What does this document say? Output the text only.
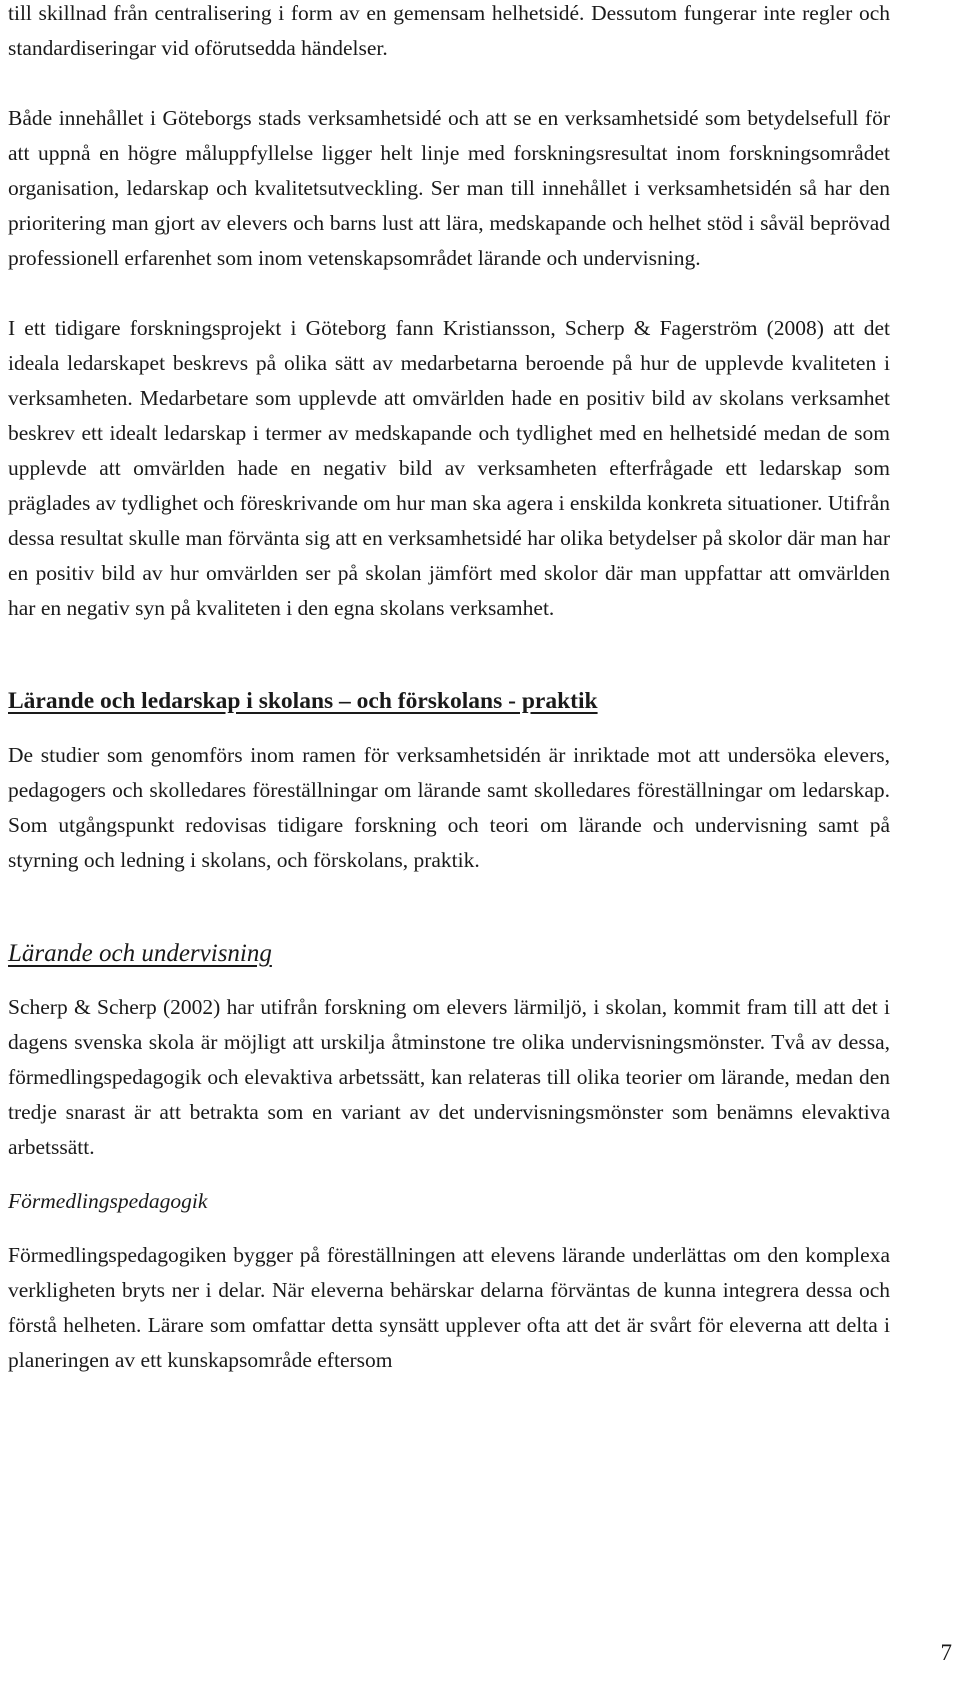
till skillnad från centralisering i form av en gemensam helhetsidé. Dessutom fungerar inte regler och standardiseringar vid oförutsedda händelser.

Både innehållet i Göteborgs stads verksamhetsidé och att se en verksamhetsidé som betydelsefull för att uppnå en högre måluppfyllelse ligger helt linje med forskningsresultat inom forskningsområdet organisation, ledarskap och kvalitetsutveckling. Ser man till innehållet i verksamhetsidén så har den prioritering man gjort av elevers och barns lust att lära, medskapande och helhet stöd i såväl beprövad professionell erfarenhet som inom vetenskapsområdet lärande och undervisning.

I ett tidigare forskningsprojekt i Göteborg fann Kristiansson, Scherp & Fagerström (2008) att det ideala ledarskapet beskrevs på olika sätt av medarbetarna beroende på hur de upplevde kvaliteten i verksamheten. Medarbetare som upplevde att omvärlden hade en positiv bild av skolans verksamhet beskrev ett idealt ledarskap i termer av medskapande och tydlighet med en helhetsidé medan de som upplevde att omvärlden hade en negativ bild av verksamheten efterfrågade ett ledarskap som präglades av tydlighet och föreskrivande om hur man ska agera i enskilda konkreta situationer. Utifrån dessa resultat skulle man förvänta sig att en verksamhetsidé har olika betydelser på skolor där man har en positiv bild av hur omvärlden ser på skolan jämfört med skolor där man uppfattar att omvärlden har en negativ syn på kvaliteten i den egna skolans verksamhet.

Lärande och ledarskap i skolans – och förskolans - praktik

De studier som genomförs inom ramen för verksamhetsidén är inriktade mot att undersöka elevers, pedagogers och skolledares föreställningar om lärande samt skolledares föreställningar om ledarskap. Som utgångspunkt redovisas tidigare forskning och teori om lärande och undervisning samt på styrning och ledning i skolans, och förskolans, praktik.

Lärande och undervisning

Scherp & Scherp (2002) har utifrån forskning om elevers lärmiljö, i skolan, kommit fram till att det i dagens svenska skola är möjligt att urskilja åtminstone tre olika undervisningsmönster. Två av dessa, förmedlingspedagogik och elevaktiva arbetssätt, kan relateras till olika teorier om lärande, medan den tredje snarast är att betrakta som en variant av det undervisningsmönster som benämns elevaktiva arbetssätt.

Förmedlingspedagogik

Förmedlingspedagogiken bygger på föreställningen att elevens lärande underlättas om den komplexa verkligheten bryts ner i delar. När eleverna behärskar delarna förväntas de kunna integrera dessa och förstå helheten. Lärare som omfattar detta synsätt upplever ofta att det är svårt för eleverna att delta i planeringen av ett kunskapsområde eftersom

7
